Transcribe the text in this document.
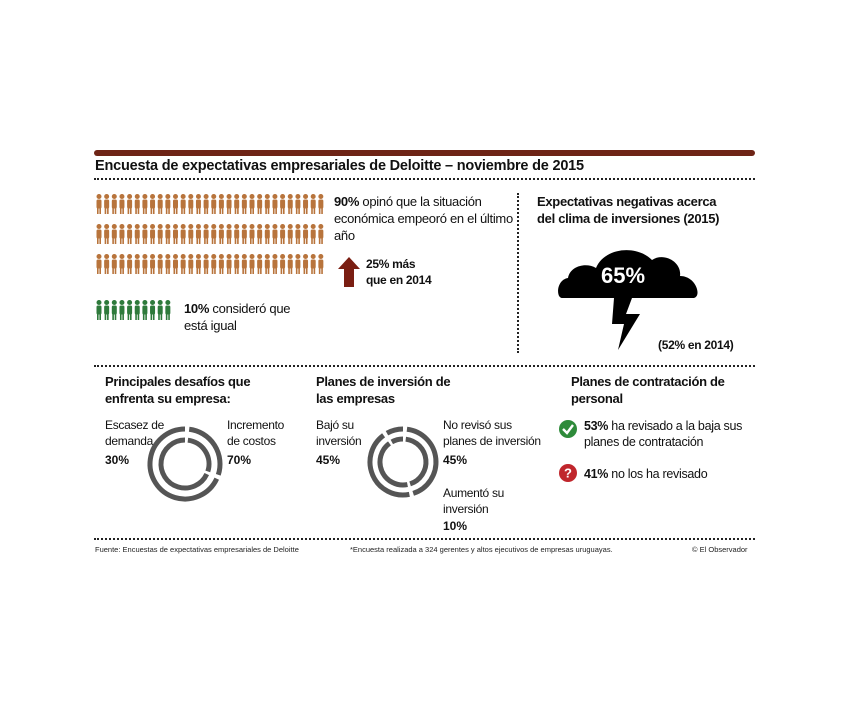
Encuesta de expectativas empresariales de Deloitte – noviembre de 2015
90% opinó que la situación económica empeoró en el último año
25% más
que en 2014
10% consideró que está igual
Expectativas negativas acerca del clima de inversiones (2015)
65%
(52% en 2014)
Principales desafíos que enfrenta su empresa:
Escasez de demanda
30%
Incremento de costos
70%
Planes de inversión de las empresas
Bajó su inversión
45%
No revisó sus planes de inversión
45%
Aumentó su inversión
10%
Planes de contratación de personal
53% ha revisado a la baja sus planes de contratación
? 41% no los ha revisado
Fuente: Encuestas de expectativas empresariales de Deloitte	*Encuesta realizada a 324 gerentes y altos ejecutivos de empresas uruguayas.	© El Observador
